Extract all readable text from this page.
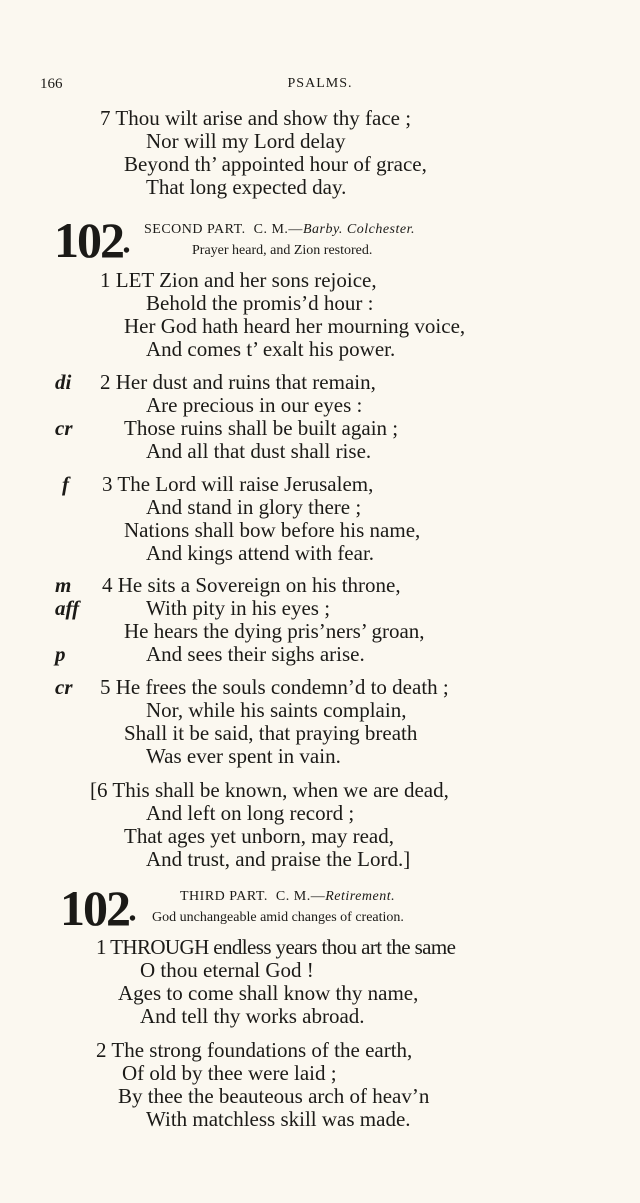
166	PSALMS.
7 Thou wilt arise and show thy face ;
Nor will my Lord delay
Beyond th’ appointed hour of grace,
That long expected day.
102•
SECOND PART. C. M.—Barby. Colchester.
Prayer heard, and Zion restored.
1 LET Zion and her sons rejoice,
Behold the promis’d hour :
Her God hath heard her mourning voice,
And comes t’ exalt his power.
di 2 Her dust and ruins that remain,
Are precious in our eyes :
cr Those ruins shall be built again ;
And all that dust shall rise.
f 3 The Lord will raise Jerusalem,
And stand in glory there ;
Nations shall bow before his name,
And kings attend with fear.
m 4 He sits a Sovereign on his throne,
aff	With pity in his eyes ;
He hears the dying pris’ners’ groan,
p	And sees their sighs arise.
cr 5 He frees the souls condemn’d to death ;
Nor, while his saints complain,
Shall it be said, that praying breath
Was ever spent in vain.
[6 This shall be known, when we are dead,
And left on long record ;
That ages yet unborn, may read,
And trust, and praise the Lord.]
102•
THIRD PART. C. M.—Retirement.
God unchangeable amid changes of creation.
1 THROUGH endless years thou art the same
O thou eternal God !
Ages to come shall know thy name,
And tell thy works abroad.
2 The strong foundations of the earth,
Of old by thee were laid ;
By thee the beauteous arch of heav’n
With matchless skill was made.
